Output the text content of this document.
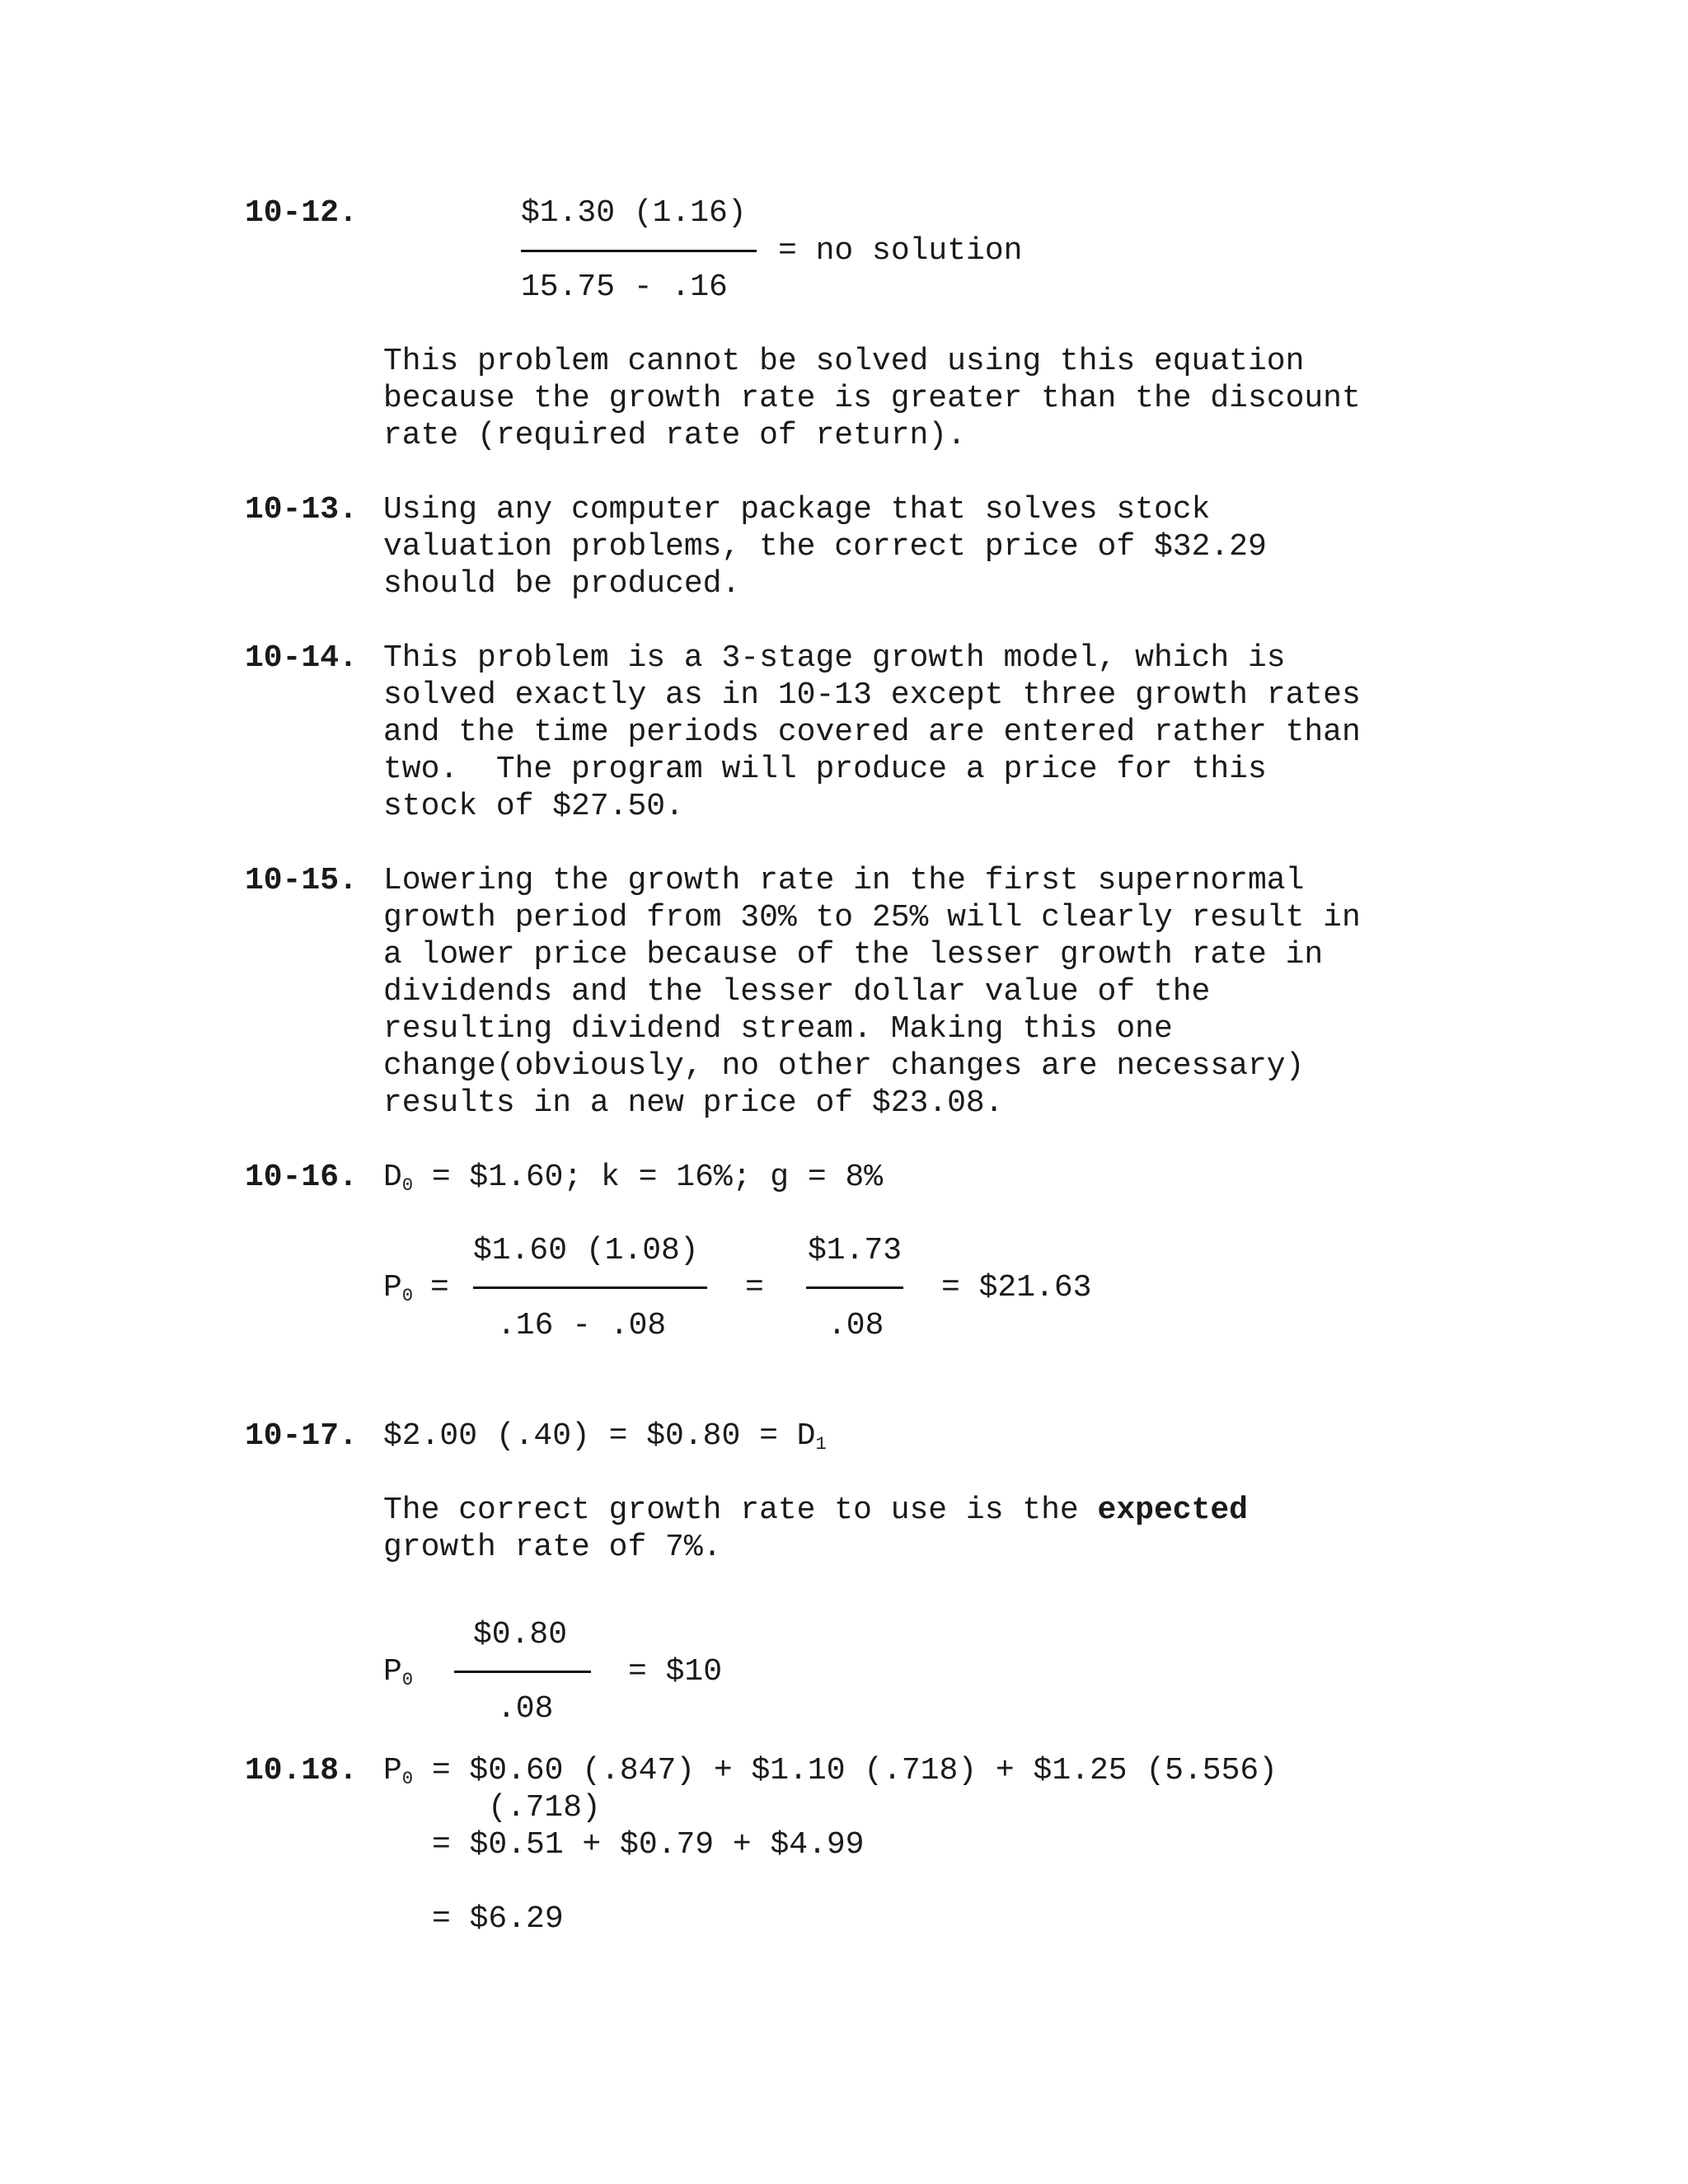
10-12.	$1.30 (1.16)
= no solution
15.75 - .16
This problem cannot be solved using this equation
because the growth rate is greater than the discount
rate (required rate of return).
10-13. Using any computer package that solves stock
valuation problems, the correct price of $32.29
should be produced.
10-14. This problem is a 3-stage growth model, which is
solved exactly as in 10-13 except three growth rates
and the time periods covered are entered rather than
two.  The program will produce a price for this
stock of $27.50.
10-15. Lowering the growth rate in the first supernormal
growth period from 30% to 25% will clearly result in
a lower price because of the lesser growth rate in
dividends and the lesser dollar value of the
resulting dividend stream. Making this one
change(obviously, no other changes are necessary)
results in a new price of $23.08.
10-16. $D_0$ = $1.60; k = 16%; g = 8%
$P_0$ =
$1.60 (1.08)
.16 - .08
=
$1.73
.08
= $21.63
10-17. $2.00 (.40) = $0.80 = $D_1$
The correct growth rate to use is the expected
growth rate of 7%.
$P_0$
$0.80
.08
= $10
10.18. $P_0$ = $0.60 (.847) + $1.10 (.718) + $1.25 (5.556)
(.718)
= $0.51 + $0.79 + $4.99
= $6.29
